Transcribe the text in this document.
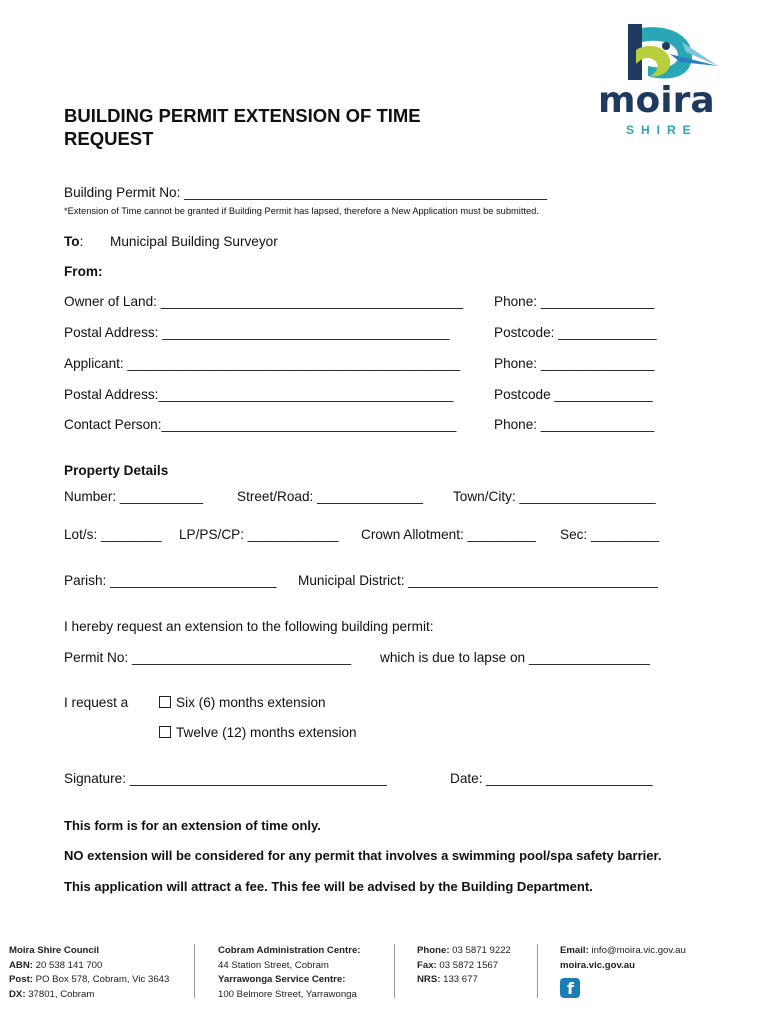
moira
SHIRE
BUILDING PERMIT EXTENSION OF TIME REQUEST
Building Permit No: ________________________________________________
*Extension of Time cannot be granted if Building Permit has lapsed, therefore a New Application must be submitted.
To: Municipal Building Surveyor
From:
Owner of Land: ________________________________________ Phone: _______________
Postal Address: ______________________________________	Postcode: _____________
Applicant: ____________________________________________ Phone: _______________
Postal Address:_______________________________________	Postcode _____________
Contact Person:_______________________________________	Phone: _______________
Property Details
Number: ___________ Street/Road: ______________ Town/City: __________________
Lot/s: ________ LP/PS/CP: ____________ Crown Allotment: _________ Sec: _________
Parish: ______________________ Municipal District: _________________________________
I hereby request an extension to the following building permit:
Permit No: _____________________________ which is due to lapse on ________________
I request a	Six (6) months extension
Twelve (12) months extension
Signature: __________________________________	Date: ______________________
This form is for an extension of time only.
NO extension will be considered for any permit that involves a swimming pool/spa safety barrier.
This application will attract a fee. This fee will be advised by the Building Department.
Moira Shire Council
ABN: 20 538 141 700
Post: PO Box 578, Cobram, Vic 3643
DX: 37801, Cobram
Cobram Administration Centre:
44 Station Street, Cobram
Yarrawonga Service Centre:
100 Belmore Street, Yarrawonga
Phone: 03 5871 9222
Fax: 03 5872 1567
NRS: 133 677
Email: info@moira.vic.gov.au
moira.vic.gov.au
f
